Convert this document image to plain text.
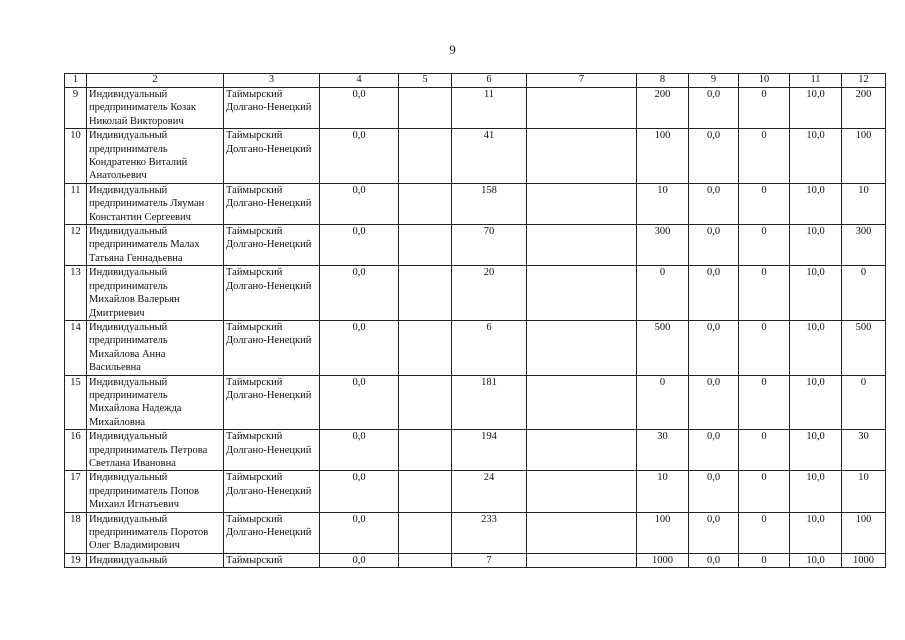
9
1	2	3	4	5	6	7	8	9	10	11	12
9	Индивидуальный
предприниматель Козак
Николай Викторович	Таймырский
Долгано-Ненецкий	0,0		11		200	0,0	0	10,0	200
10	Индивидуальный
предприниматель
Кондратенко Виталий
Анатольевич	Таймырский
Долгано-Ненецкий	0,0		41		100	0,0	0	10,0	100
11	Индивидуальный
предприниматель Ляуман
Константин Сергеевич	Таймырский
Долгано-Ненецкий	0,0		158		10	0,0	0	10,0	10
12	Индивидуальный
предприниматель Малах
Татьяна Геннадьевна	Таймырский
Долгано-Ненецкий	0,0		70		300	0,0	0	10,0	300
13	Индивидуальный
предприниматель
Михайлов Валерьян
Дмитриевич	Таймырский
Долгано-Ненецкий	0,0		20		0	0,0	0	10,0	0
14	Индивидуальный
предприниматель
Михайлова Анна
Васильевна	Таймырский
Долгано-Ненецкий	0,0		6		500	0,0	0	10,0	500
15	Индивидуальный
предприниматель
Михайлова Надежда
Михайловна	Таймырский
Долгано-Ненецкий	0,0		181		0	0,0	0	10,0	0
16	Индивидуальный
предприниматель Петрова
Светлана Ивановна	Таймырский
Долгано-Ненецкий	0,0		194		30	0,0	0	10,0	30
17	Индивидуальный
предприниматель Попов
Михаил Игнатьевич	Таймырский
Долгано-Ненецкий	0,0		24		10	0,0	0	10,0	10
18	Индивидуальный
предприниматель Поротов
Олег Владимирович	Таймырский
Долгано-Ненецкий	0,0		233		100	0,0	0	10,0	100
19	Индивидуальный	Таймырский	0,0		7		1000	0,0	0	10,0	1000
